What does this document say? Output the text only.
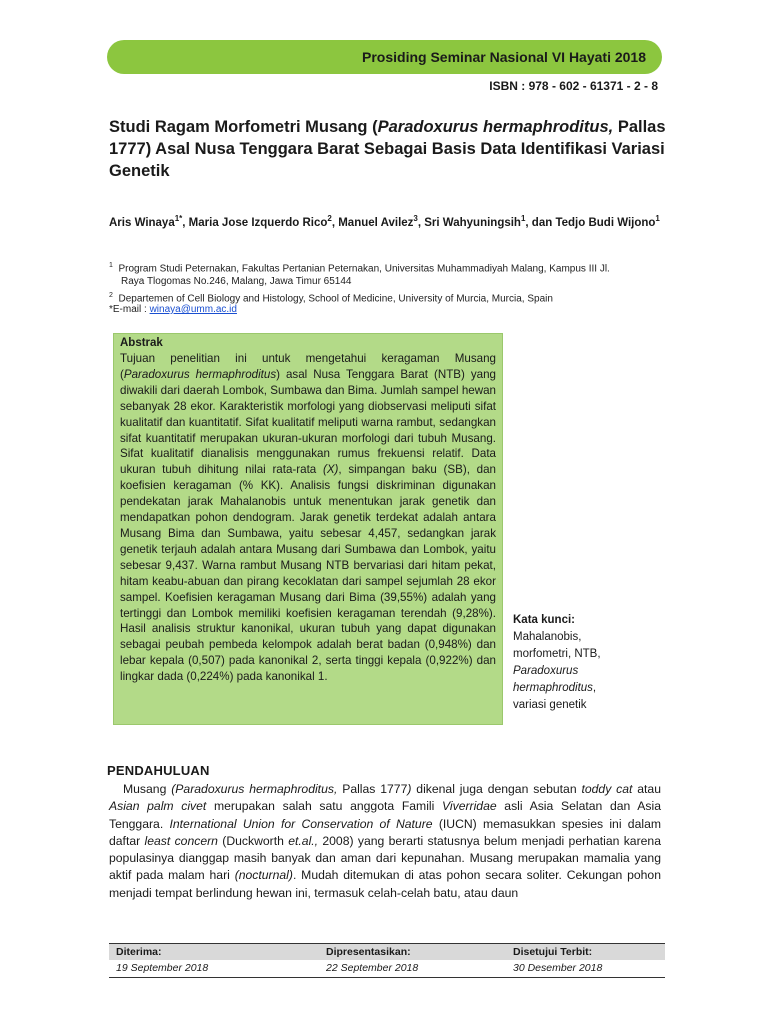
Prosiding Seminar Nasional VI Hayati 2018
ISBN : 978 - 602 - 61371 - 2 - 8
Studi Ragam Morfometri Musang (Paradoxurus hermaphroditus, Pallas 1777) Asal Nusa Tenggara Barat Sebagai Basis Data Identifikasi Variasi Genetik
Aris Winaya$^{1*}$, Maria Jose Izquerdo Rico$^2$, Manuel Avilez$^3$, Sri Wahyuningsih$^1$, dan Tedjo Budi Wijono$^1$
$^1$ Program Studi Peternakan, Fakultas Pertanian Peternakan, Universitas Muhammadiyah Malang, Kampus III Jl.
Raya Tlogomas No.246, Malang, Jawa Timur 65144
$^2$ Departemen of Cell Biology and Histology, School of Medicine, University of Murcia, Murcia, Spain
*E-mail : winaya@umm.ac.id
Abstrak
Tujuan penelitian ini untuk mengetahui keragaman Musang (Paradoxurus hermaphroditus) asal Nusa Tenggara Barat (NTB) yang diwakili dari daerah Lombok, Sumbawa dan Bima. Jumlah sampel hewan sebanyak 28 ekor. Karakteristik morfologi yang diobservasi meliputi sifat kualitatif dan kuantitatif. Sifat kualitatif meliputi warna rambut, sedangkan sifat kuantitatif merupakan ukuran-ukuran morfologi dari tubuh Musang. Sifat kualitatif dianalisis menggunakan rumus frekuensi relatif. Data ukuran tubuh dihitung nilai rata-rata (X), simpangan baku (SB), dan koefisien keragaman (% KK). Analisis fungsi diskriminan digunakan pendekatan jarak Mahalanobis untuk menentukan jarak genetik dan mendapatkan pohon dendogram. Jarak genetik terdekat adalah antara Musang Bima dan Sumbawa, yaitu sebesar 4,457, sedangkan jarak genetik terjauh adalah antara Musang dari Sumbawa dan Lombok, yaitu sebesar 9,437. Warna rambut Musang NTB bervariasi dari hitam pekat, hitam keabu-abuan dan pirang kecoklatan dari sampel sejumlah 28 ekor sampel. Koefisien keragaman Musang dari Bima (39,55%) adalah yang tertinggi dan Lombok memiliki koefisien keragaman terendah (9,28%). Hasil analisis struktur kanonikal, ukuran tubuh yang dapat digunakan sebagai peubah pembeda kelompok adalah berat badan (0,948%) dan lebar kepala (0,507) pada kanonikal 2, serta tinggi kepala (0,922%) dan lingkar dada (0,224%) pada kanonikal 1.
Kata kunci:
Mahalanobis,
morfometri, NTB,
Paradoxurus
hermaphroditus,
variasi genetik
PENDAHULUAN

Musang (Paradoxurus hermaphroditus, Pallas 1777) dikenal juga dengan sebutan toddy cat atau Asian palm civet merupakan salah satu anggota Famili Viverridae asli Asia Selatan dan Asia Tenggara. International Union for Conservation of Nature (IUCN) memasukkan spesies ini dalam daftar least concern (Duckworth et.al., 2008) yang berarti statusnya belum menjadi perhatian karena populasinya dianggap masih banyak dan aman dari kepunahan. Musang merupakan mamalia yang aktif pada malam hari (nocturnal). Mudah ditemukan di atas pohon secara soliter. Cekungan pohon menjadi tempat berlindung hewan ini, termasuk celah-celah batu, atau daun

Diterima:	Dipresentasikan:	Disetujui Terbit:
19 September 2018	22 September 2018	30 Desember 2018
